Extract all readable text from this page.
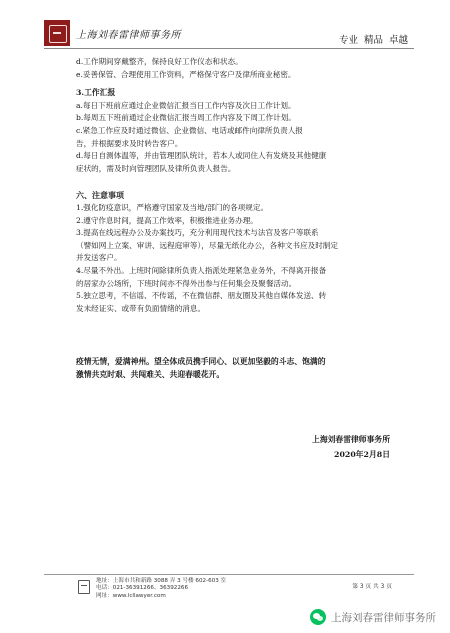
上海刘春雷律师事务所	专业 精品 卓越
d.工作期间穿戴整齐，保持良好工作仪态和状态。
e.妥善保管、合理使用工作资料，严格保守客户及律所商业秘密。
3.工作汇报
a.每日下班前应通过企业微信汇报当日工作内容及次日工作计划。
b.每周五下班前通过企业微信汇报当周工作内容及下周工作计划。
c.紧急工作应及时通过微信、企业微信、电话或邮件向律所负责人报
告，并根据要求及时转告客户。
d.每日自测体温等，并由管理团队统计，若本人或同住人有发烧及其他健康
症状的，需及时向管理团队及律所负责人报告。
六、注意事项
1.强化防疫意识，严格遵守国家及当地/部门的各项规定。
2.遵守作息时间，提高工作效率，积极推进业务办理。
3.提高在线远程办公及办案技巧，充分利用现代技术与法官及客户等联系
（譬如网上立案、审讲、远程庭审等），尽量无纸化办公，各种文书应及时制定
并发送客户。
4.尽量不外出。上班时间除律所负责人指派处理紧急业务外，不得离开报备
的居家办公场所，下班时间亦不得外出参与任何集会及聚餐活动。
5.独立思考，不信谣、不传谣，不在微信群、朋友圈及其他自媒体发送、转
发未经证实、或带有负面情绪的消息。
疫情无情，爱满神州。望全体成员携手同心、以更加坚毅的斗志、饱满的
激情共克时艰、共闯难关、共迎春暖花开。
上海刘春雷律师事务所
2020年2月8日
地址：上海市共和新路 3088 弄 3 号楼 602-603 室
电话：021-36391266、36392266
网址：www.lcllawyer.com
第 3 页 共 3 页
上海刘春雷律师事务所
